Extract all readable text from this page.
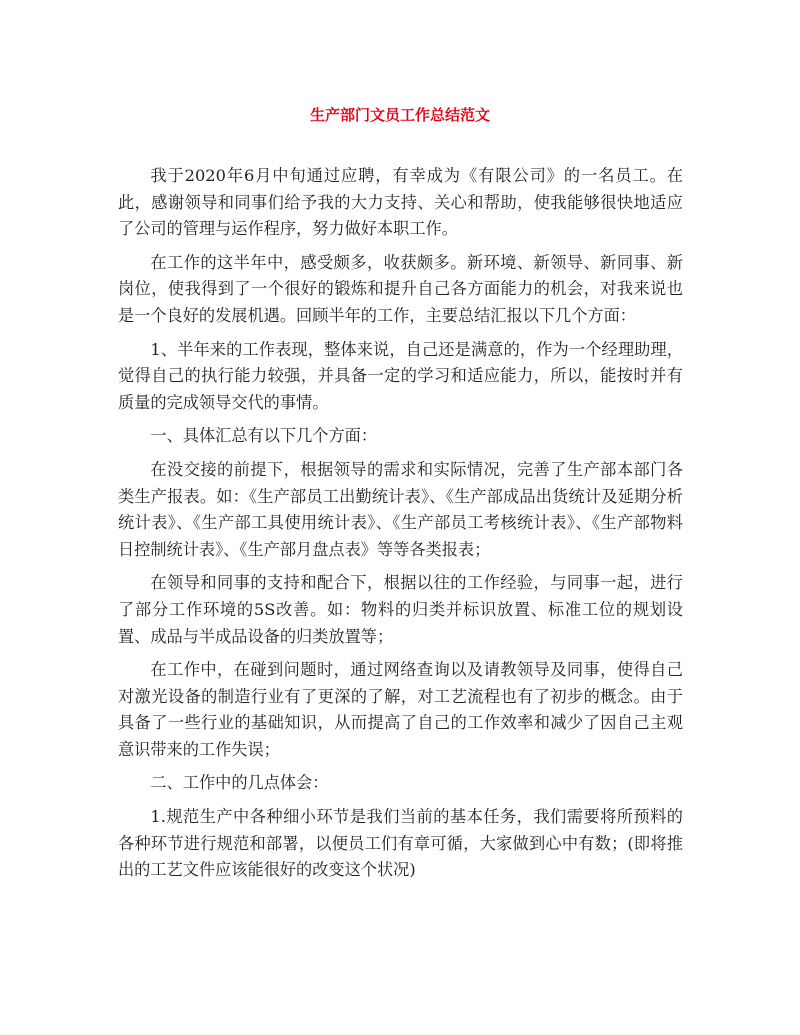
生产部门文员工作总结范文

我于2020年6月中旬通过应聘，有幸成为《有限公司》的一名员工。在此，感谢领导和同事们给予我的大力支持、关心和帮助，使我能够很快地适应了公司的管理与运作程序，努力做好本职工作。

在工作的这半年中，感受颇多，收获颇多。新环境、新领导、新同事、新岗位，使我得到了一个很好的锻炼和提升自己各方面能力的机会，对我来说也是一个良好的发展机遇。回顾半年的工作，主要总结汇报以下几个方面：

1、半年来的工作表现，整体来说，自己还是满意的，作为一个经理助理，觉得自己的执行能力较强，并具备一定的学习和适应能力，所以，能按时并有质量的完成领导交代的事情。

一、具体汇总有以下几个方面：

在没交接的前提下，根据领导的需求和实际情况，完善了生产部本部门各类生产报表。如：《生产部员工出勤统计表》、《生产部成品出货统计及延期分析统计表》、《生产部工具使用统计表》、《生产部员工考核统计表》、《生产部物料日控制统计表》、《生产部月盘点表》等等各类报表；

在领导和同事的支持和配合下，根据以往的工作经验，与同事一起，进行了部分工作环境的5S改善。如：物料的归类并标识放置、标准工位的规划设置、成品与半成品设备的归类放置等；

在工作中，在碰到问题时，通过网络查询以及请教领导及同事，使得自己对激光设备的制造行业有了更深的了解，对工艺流程也有了初步的概念。由于具备了一些行业的基础知识，从而提高了自己的工作效率和减少了因自己主观意识带来的工作失误；

二、工作中的几点体会：

1.规范生产中各种细小环节是我们当前的基本任务，我们需要将所预料的各种环节进行规范和部署，以便员工们有章可循，大家做到心中有数；(即将推出的工艺文件应该能很好的改变这个状况)
